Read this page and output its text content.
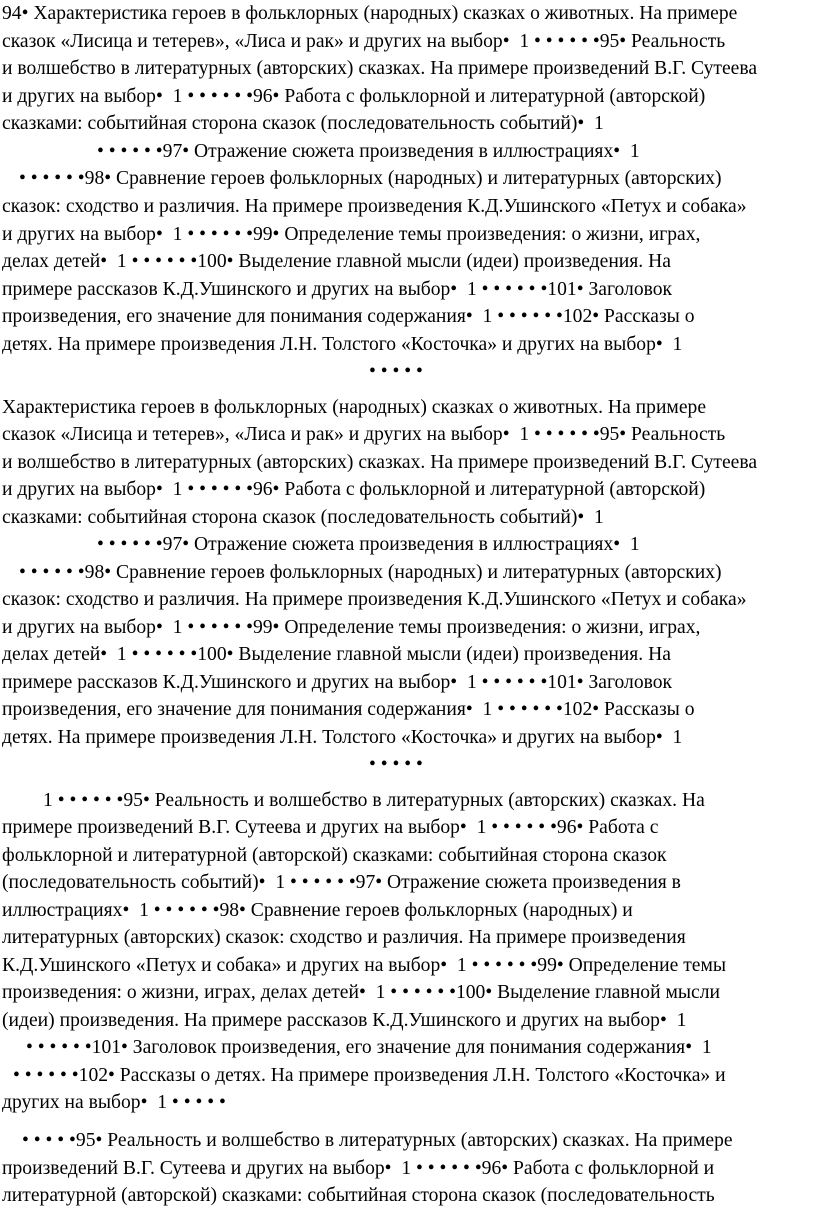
94• Характеристика героев в фольклорных (народных) сказках о животных. На примере
сказок «Лисица и тетерев», «Лиса и рак» и других на выбор•  1 • • • • • •95• Реальность
и волшебство в литературных (авторских) сказках. На примере произведений В.Г. Сутеева
и других на выбор•  1 • • • • • •96• Работа с фольклорной и литературной (авторской)
сказками: событийная сторона сказок (последовательность событий)•  1
• • • • • •97• Отражение сюжета произведения в иллюстрациях•  1
• • • • • •98• Сравнение героев фольклорных (народных) и литературных (авторских)
сказок: сходство и различия. На примере произведения К.Д.Ушинского «Петух и собака»
и других на выбор•  1 • • • • • •99• Определение темы произведения: о жизни, играх,
делах детей•  1 • • • • • •100• Выделение главной мысли (идеи) произведения. На
примере рассказов К.Д.Ушинского и других на выбор•  1 • • • • • •101• Заголовок
произведения, его значение для понимания содержания•  1 • • • • • •102• Рассказы о
детях. На примере произведения Л.Н. Толстого «Косточка» и других на выбор•  1
• • • • •
Характеристика героев в фольклорных (народных) сказках о животных. На примере
сказок «Лисица и тетерев», «Лиса и рак» и других на выбор•  1 • • • • • •95• Реальность
и волшебство в литературных (авторских) сказках. На примере произведений В.Г. Сутеева
и других на выбор•  1 • • • • • •96• Работа с фольклорной и литературной (авторской)
сказками: событийная сторона сказок (последовательность событий)•  1
• • • • • •97• Отражение сюжета произведения в иллюстрациях•  1
• • • • • •98• Сравнение героев фольклорных (народных) и литературных (авторских)
сказок: сходство и различия. На примере произведения К.Д.Ушинского «Петух и собака»
и других на выбор•  1 • • • • • •99• Определение темы произведения: о жизни, играх,
делах детей•  1 • • • • • •100• Выделение главной мысли (идеи) произведения. На
примере рассказов К.Д.Ушинского и других на выбор•  1 • • • • • •101• Заголовок
произведения, его значение для понимания содержания•  1 • • • • • •102• Рассказы о
детях. На примере произведения Л.Н. Толстого «Косточка» и других на выбор•  1
• • • • •
1 • • • • • •95• Реальность и волшебство в литературных (авторских) сказках. На
примере произведений В.Г. Сутеева и других на выбор•  1 • • • • • •96• Работа с
фольклорной и литературной (авторской) сказками: событийная сторона сказок
(последовательность событий)•  1 • • • • • •97• Отражение сюжета произведения в
иллюстрациях•  1 • • • • • •98• Сравнение героев фольклорных (народных) и
литературных (авторских) сказок: сходство и различия. На примере произведения
К.Д.Ушинского «Петух и собака» и других на выбор•  1 • • • • • •99• Определение темы
произведения: о жизни, играх, делах детей•  1 • • • • • •100• Выделение главной мысли
(идеи) произведения. На примере рассказов К.Д.Ушинского и других на выбор•  1
• • • • • •101• Заголовок произведения, его значение для понимания содержания•  1
• • • • • •102• Рассказы о детях. На примере произведения Л.Н. Толстого «Косточка» и
других на выбор•  1 • • • • •
• • • • •95• Реальность и волшебство в литературных (авторских) сказках. На примере
произведений В.Г. Сутеева и других на выбор•  1 • • • • • •96• Работа с фольклорной и
литературной (авторской) сказками: событийная сторона сказок (последовательность
